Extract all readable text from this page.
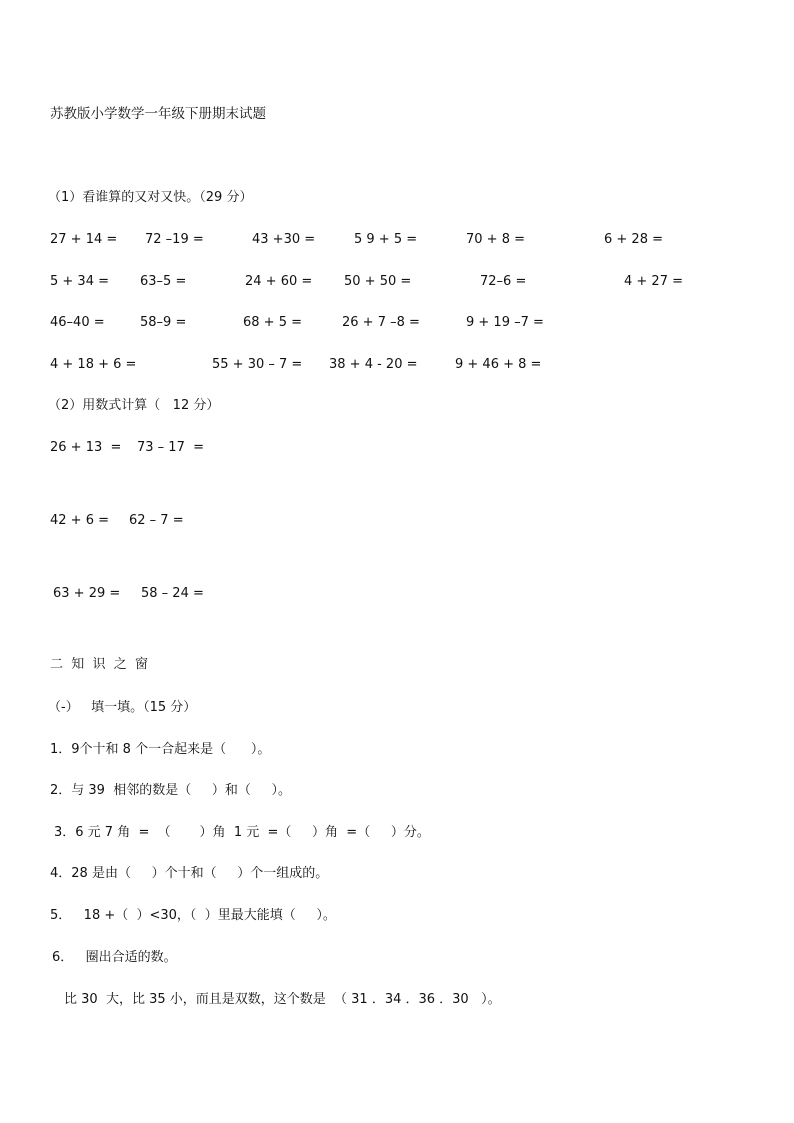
苏教版小学数学一年级下册期末试题
（1）看谁算的又对又快。（29 分）
27 + 14 = 72 –19 =	43 +30 =	5 9 + 5 =	70 + 8 =	6 + 28 =
5 + 34 = 63–5 =	24 + 60 = 50 + 50 =	72–6 =	4 + 27 =
46–40 =	58–9 =	68 + 5 =	26 + 7 –8 =	9 + 19 –7 =
4 + 18 + 6 =	55 + 30 – 7 = 38 + 4 - 20 =	9 + 46 + 8 =
（2）用数式计算（   12 分）
26 + 13  = 73 – 17  =
42 + 6 = 62 – 7 =
63 + 29 = 58 – 24 =
二  知  识  之  窗
（-）   填一填。（15 分）
1．9个十和 8 个一合起来是（      ）。
2．与 39  相邻的数是（     ）和（     ）。
3．6 元 7 角  =  （       ）角  1 元  =（     ）角  =（     ）分。
4．28 是由（     ）个十和（     ）个一组成的。
5．   18 +（  ）<30，（  ）里最大能填（     ）。
6．   圈出合适的数。
比 30  大，比 35 小，而且是双数，这个数是  （ 31 ．34 ．36 ．30   ）。
